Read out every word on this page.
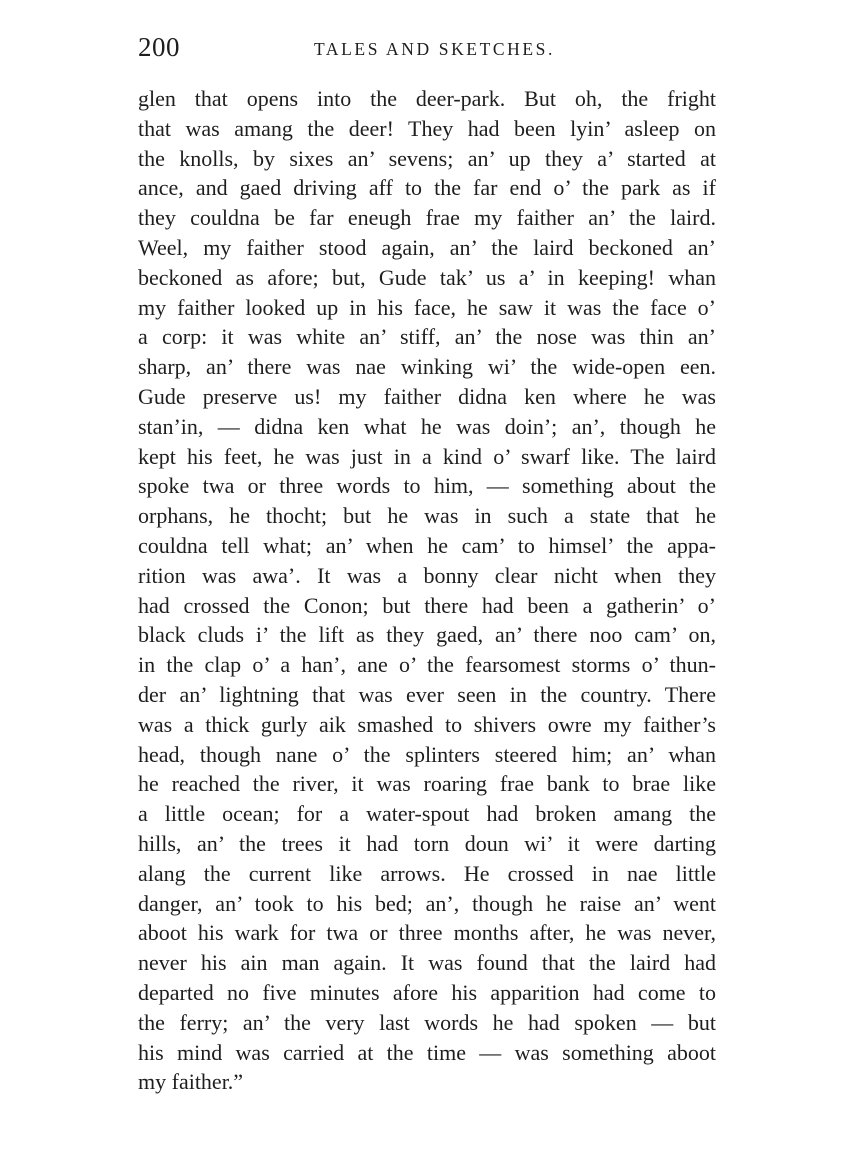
200	TALES AND SKETCHES.
glen that opens into the deer-park. But oh, the fright
that was amang the deer! They had been lyin’ asleep on
the knolls, by sixes an’ sevens; an’ up they a’ started at
ance, and gaed driving aff to the far end o’ the park as if
they couldna be far eneugh frae my faither an’ the laird.
Weel, my faither stood again, an’ the laird beckoned an’
beckoned as afore; but, Gude tak’ us a’ in keeping! whan
my faither looked up in his face, he saw it was the face o’
a corp: it was white an’ stiff, an’ the nose was thin an’
sharp, an’ there was nae winking wi’ the wide-open een.
Gude preserve us! my faither didna ken where he was
stan’in, — didna ken what he was doin’; an’, though he
kept his feet, he was just in a kind o’ swarf like. The laird
spoke twa or three words to him, — something about the
orphans, he thocht; but he was in such a state that he
couldna tell what; an’ when he cam’ to himsel’ the appa-
rition was awa’. It was a bonny clear nicht when they
had crossed the Conon; but there had been a gatherin’ o’
black cluds i’ the lift as they gaed, an’ there noo cam’ on,
in the clap o’ a han’, ane o’ the fearsomest storms o’ thun-
der an’ lightning that was ever seen in the country. There
was a thick gurly aik smashed to shivers owre my faither’s
head, though nane o’ the splinters steered him; an’ whan
he reached the river, it was roaring frae bank to brae like
a little ocean; for a water-spout had broken amang the
hills, an’ the trees it had torn doun wi’ it were darting
alang the current like arrows. He crossed in nae little
danger, an’ took to his bed; an’, though he raise an’ went
aboot his wark for twa or three months after, he was never,
never his ain man again. It was found that the laird had
departed no five minutes afore his apparition had come to
the ferry; an’ the very last words he had spoken — but
his mind was carried at the time — was something aboot
my faither.”
